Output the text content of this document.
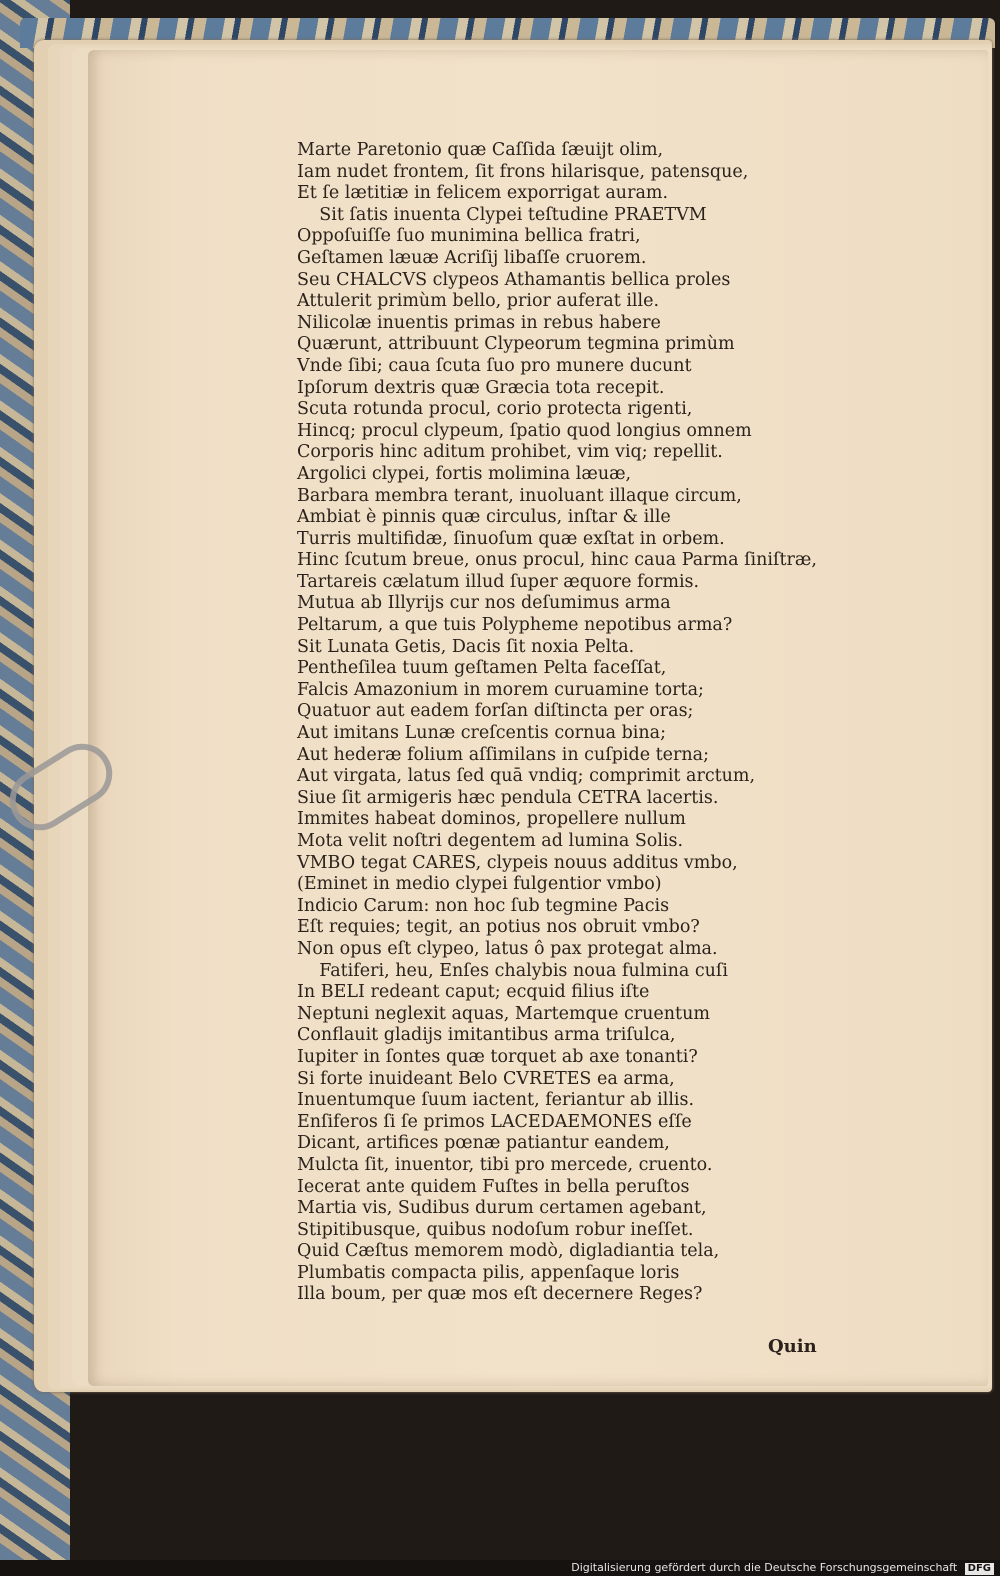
Marte Paretonio quæ Caſſida ſæuijt olim,
Iam nudet frontem, ſit frons hilarisque, patensque,
Et ſe lætitiæ in felicem exporrigat auram.
Sit ſatis inuenta Clypei teſtudine PRAETVM
Oppoſuiſſe ſuo munimina bellica fratri,
Geſtamen læuæ Acriſij libaſſe cruorem.
Seu CHALCVS clypeos Athamantis bellica proles
Attulerit primùm bello, prior auferat ille.
Nilicolæ inuentis primas in rebus habere
Quærunt, attribuunt Clypeorum tegmina primùm
Vnde ſibi; caua ſcuta ſuo pro munere ducunt
Ipſorum dextris quæ Græcia tota recepit.
Scuta rotunda procul, corio protecta rigenti,
Hincq; procul clypeum, ſpatio quod longius omnem
Corporis hinc aditum prohibet, vim viq; repellit.
Argolici clypei, fortis molimina læuæ,
Barbara membra terant, inuoluant illaque circum,
Ambiat è pinnis quæ circulus, inſtar & ille
Turris multifidæ, ſinuoſum quæ exſtat in orbem.
Hinc ſcutum breue, onus procul, hinc caua Parma ſiniſtræ,
Tartareis cælatum illud ſuper æquore formis.
Mutua ab Illyrijs cur nos deſumimus arma
Peltarum, a que tuis Polypheme nepotibus arma?
Sit Lunata Getis, Dacis ſit noxia Pelta.
Pentheſilea tuum geſtamen Pelta faceſſat,
Falcis Amazonium in morem curuamine torta;
Quatuor aut eadem forſan diſtincta per oras;
Aut imitans Lunæ creſcentis cornua bina;
Aut hederæ folium aſſimilans in cuſpide terna;
Aut virgata, latus ſed quā vndiq; comprimit arctum,
Siue ſit armigeris hæc pendula CETRA lacertis.
Immites habeat dominos, propellere nullum
Mota velit noſtri degentem ad lumina Solis.
VMBO tegat CARES, clypeis nouus additus vmbo,
(Eminet in medio clypei fulgentior vmbo)
Indicio Carum: non hoc ſub tegmine Pacis
Eſt requies; tegit, an potius nos obruit vmbo?
Non opus eſt clypeo, latus ô pax protegat alma.
Fatiferi, heu, Enſes chalybis noua fulmina cuſi
In BELI redeant caput; ecquid filius iſte
Neptuni neglexit aquas, Martemque cruentum
Conflauit gladijs imitantibus arma triſulca,
Iupiter in ſontes quæ torquet ab axe tonanti?
Si forte inuideant Belo CVRETES ea arma,
Inuentumque ſuum iactent, feriantur ab illis.
Enſiferos ſi ſe primos LACEDAEMONES eſſe
Dicant, artifices pœnæ patiantur eandem,
Mulcta ſit, inuentor, tibi pro mercede, cruento.
Iecerat ante quidem Fuſtes in bella peruſtos
Martia vis, Sudibus durum certamen agebant,
Stipitibusque, quibus nodoſum robur ineſſet.
Quid Cæſtus memorem modò, digladiantia tela,
Plumbatis compacta pilis, appenſaque loris
Illa boum, per quæ mos eſt decernere Reges?
Quin
Digitalisierung gefördert durch die Deutsche Forschungsgemeinschaft DFG
